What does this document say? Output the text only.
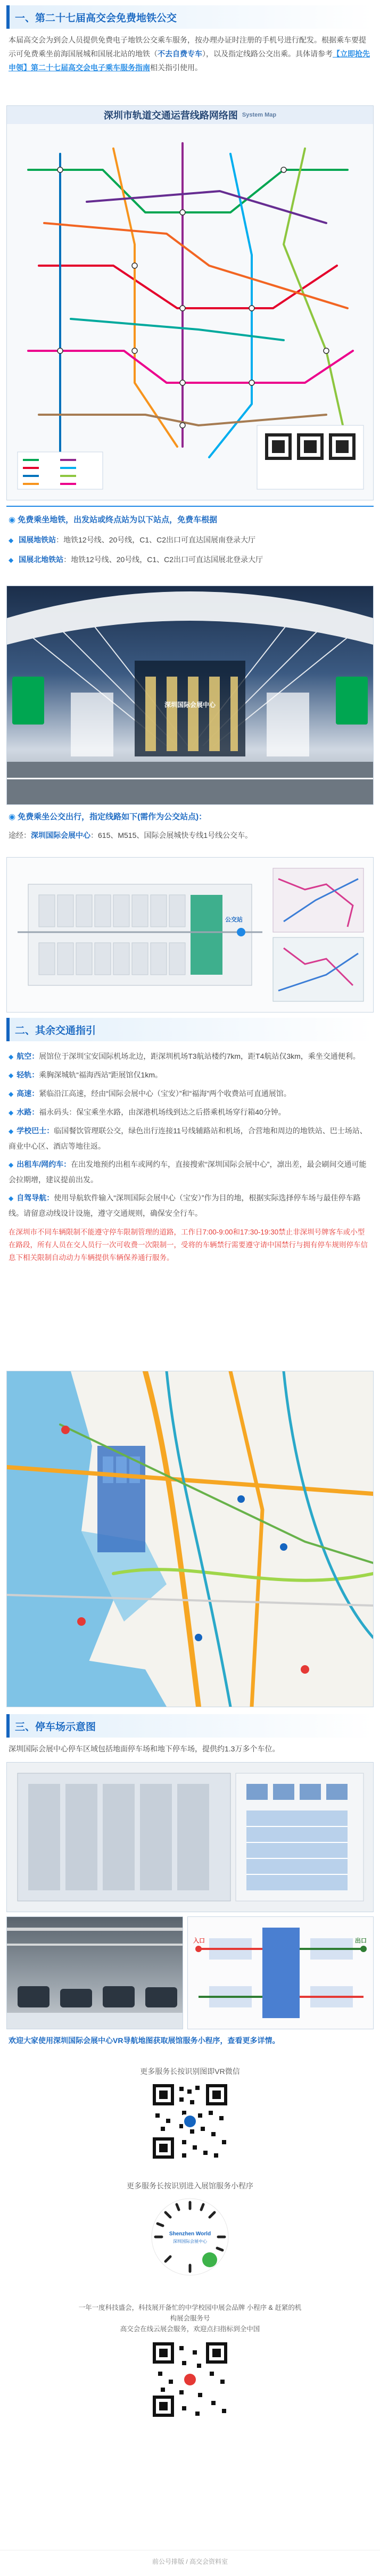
一、第二十七届高交会免费地铁公交

本届高交会为到会人员提供免费电子地铁公交乘车服务，按办理办证时注册的手机号进行配发。根据乘车要提示可免费乘坐前海国展城和国展北站的地铁（不去自费专车），以及指定线路公交出乘。具体请参考【立即抢先申领】第二十七届高交会电子乘车服务指南相关指引使用。

深圳市轨道交通运营线路网络图 System Map
◉ 免费乘坐地铁，出发站或终点站为以下站点，免费车根据
◆ 国展地铁站：地铁12号线、20号线，C1、C2出口可直达国展南登录大厅
◆ 国展北地铁站：地铁12号线、20号线，C1、C2出口可直达国展北登录大厅
深圳国际会展中心
◉ 免费乘坐公交出行，指定线路如下(需作为公交站点)：

途经：深圳国际会展中心：615、M515、国际会展城快专线1号线公交车。

公交站
二、其余交通指引
◆ 航空：展馆位于深圳宝安国际机场北边，距深圳机场T3航站楼约7km，距T4航站仅3km，乘坐交通便利。
◆ 轻轨：乘胸深城轨“福海西站”距展馆仅1km。
◆ 高速：紧临沿江高速，经由“国际会展中心（宝安）”和“福海”两个收费站可直通展馆。
◆ 水路：福永码头：保宝乘坐水路，由深港机场线到达之后搭乘机场穿行箱40分钟。
◆ 学校巴士：临国餐饮管理联公交，绿色出行连接11号线辅路站和机场，合营地和周边的地铁站、巴士场站、商业中心区、酒店等地往返。
◆ 出租车/网约车：在出发地预约出租车或网约车，直接搜索“深圳国际会展中心”，凛出差，最会刷间交通可能会拉期增，建议提前出发。
◆ 自驾导航：使用导航软件输入“深圳国际会展中心（宝安）”作为目的地，根据实际选择停车场与最佳停车路线。请留意动线设计设施，遵守交通规则，确保安全行车。

在深圳市不同车辆限制不能遵守停车限制管理的道路，工作日7:00-9:00和17:30-19:30禁止非深圳号牌客车或小型在路段，所有人员在交人员行一次可收费一次限制一，受将的车辆禁行需要遵守请中国禁行与拥有停车规则停车信息下相关限制自动动力车辆提供车辆保养通行服务。

三、停车场示意图

深圳国际会展中心停车区域包括地面停车场和地下停车场，提供约1.3万多个车位。

入口	出口

欢迎大家使用深圳国际会展中心VR导航地图获取展馆服务小程序，查看更多详情。

更多服务长按识别图即VR微信
更多服务长按识别进入展馆服务小程序
Shenzhen World
深圳国际会展中心
一年一度科技盛会，科技展开备忙的中学校园中展会品牌 小程序 & 赶紧的机构展会服务号
高交会在线云展会服务，欢迎点扫指标到全中国
前公号排版 / 高交会资料室
